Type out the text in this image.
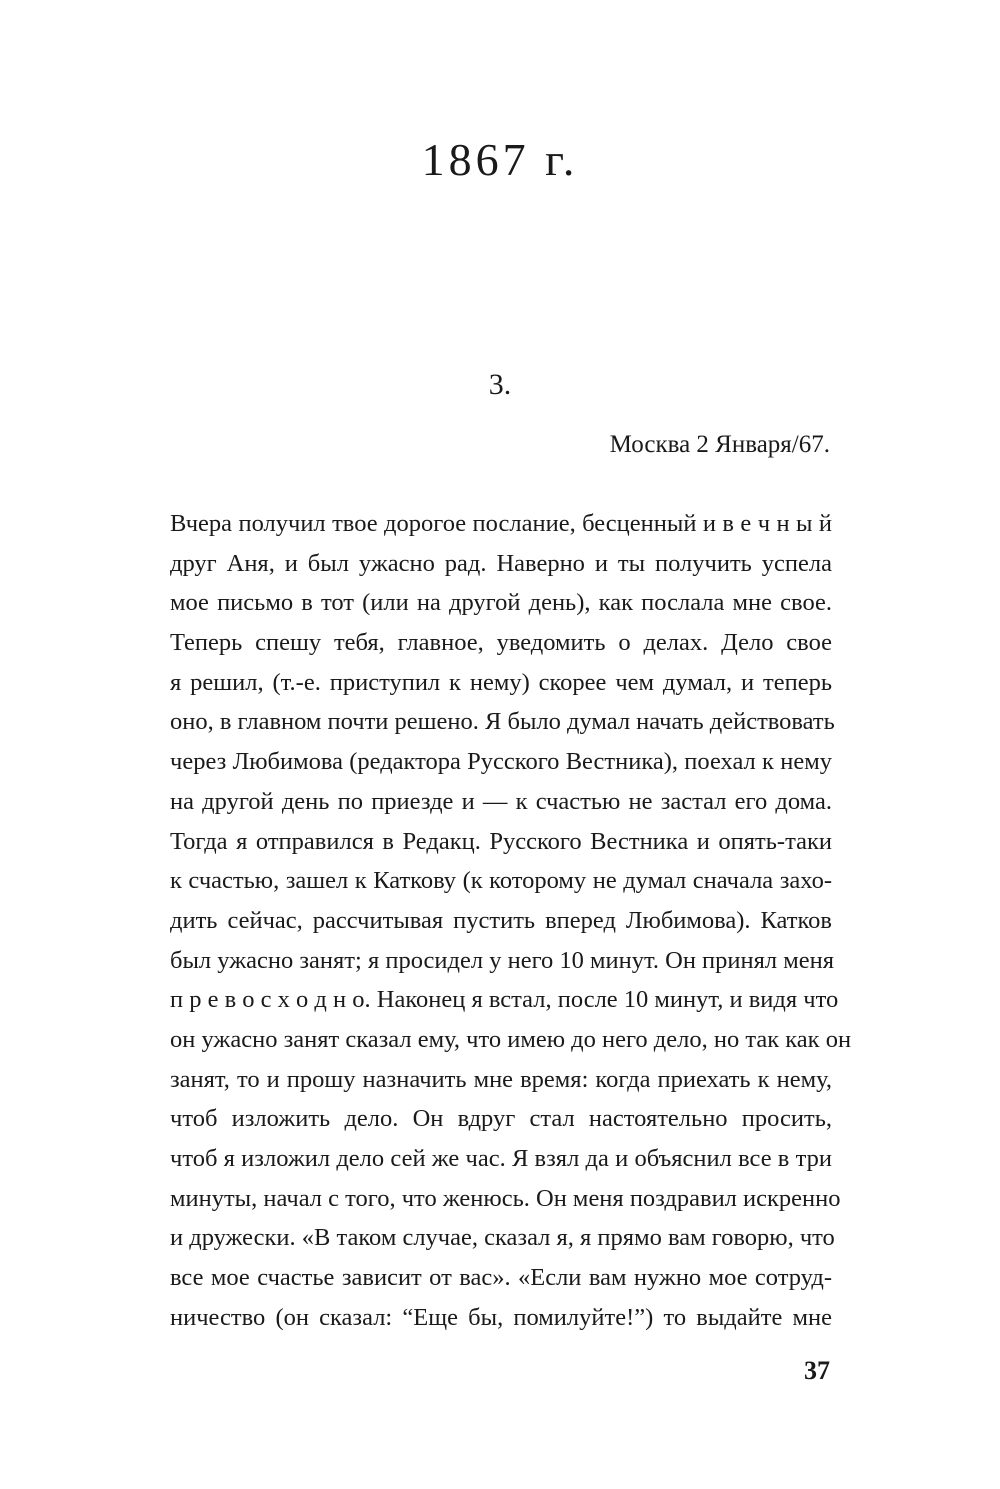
1867 г.
3.

Москва 2 Января/67.

Вчера получил твое дорогое послание, бесценный и в е ч н ы й
друг Аня, и был ужасно рад. Наверно и ты получить успела
мое письмо в тот (или на другой день), как послала мне свое.
Теперь спешу тебя, главное, уведомить о делах. Дело свое
я решил, (т.-е. приступил к нему) скорее чем думал, и теперь
оно, в главном почти решено. Я было думал начать действовать
через Любимова (редактора Русского Вестника), поехал к нему
на другой день по приезде и — к счастью не застал его дома.
Тогда я отправился в Редакц. Русского Вестника и опять-таки
к счастью, зашел к Каткову (к которому не думал сначала захо-
дить сейчас, рассчитывая пустить вперед Любимова). Катков
был ужасно занят; я просидел у него 10 минут. Он принял меня
п р е в о с х о д н о. Наконец я встал, после 10 минут, и видя что
он ужасно занят сказал ему, что имею до него дело, но так как он
занят, то и прошу назначить мне время: когда приехать к нему,
чтоб изложить дело. Он вдруг стал настоятельно просить,
чтоб я изложил дело сей же час. Я взял да и объяснил все в три
минуты, начал с того, что женюсь. Он меня поздравил искренно
и дружески. «В таком случае, сказал я, я прямо вам говорю, что
все мое счастье зависит от вас». «Если вам нужно мое сотруд-
ничество (он сказал: “Еще бы, помилуйте!”) то выдайте мне

37
